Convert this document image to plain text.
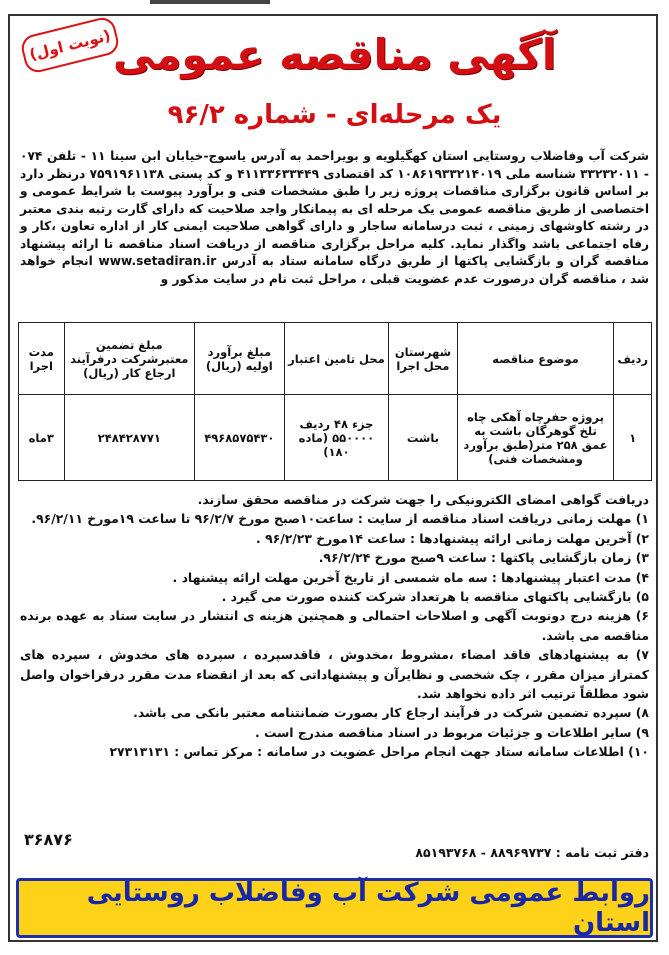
(نوبت اول) آگهی مناقصه عمومی
یک مرحله‌ای - شماره ۹۶/۲
شرکت آب وفاضلاب روستایی استان کهگیلویه و بویراحمد به آدرس یاسوج-خیابان ابن سینا ۱۱ - تلفن ۰۷۴ - ۳۳۲۳۲۰۱۱ شناسه ملی ۱۰۸۶۱۹۳۳۲۱۴۰۱۹ کد اقتصادی ۴۱۱۳۳۶۳۳۴۴۹ و کد پستی ۷۵۹۱۹۶۱۱۳۸ درنظر دارد بر اساس قانون برگزاری مناقصات پروژه زیر را طبق مشخصات فنی و برآورد پیوست با شرایط عمومی و اختصاصی از طریق مناقصه عمومی یک مرحله ای به پیمانکار واجد صلاحیت که دارای گارت رتبه بندی معتبر در رشته کاوشهای زمینی ، ثبت درسامانه ساجار و دارای گواهی صلاحیت ایمنی کار از اداره تعاون ،کار و رفاه اجتماعی باشد واگذار نماید. کلیه مراحل برگزاری مناقصه از دریافت اسناد مناقصه تا ارائه پیشنهاد مناقصه گران و بازگشایی پاکتها از طریق درگاه سامانه ستاد به آدرس www.setadiran.ir انجام خواهد شد ، مناقصه گران درصورت عدم عضویت قبلی ، مراحل ثبت نام در سایت مذکور و
ردیف	موضوع مناقصه	شهرستان محل اجرا	محل تامین اعتبار	مبلغ برآورد اولیه (ریال)	مبلغ تضمین معتبرشرکت درفرآیند ارجاع کار (ریال)	مدت اجرا
۱	پروژه حفرچاه آهکی چاه تلخ گوهرگان باشت به عمق ۲۵۸ متر(طبق برآورد ومشخصات فنی)	باشت	جزء ۴۸ ردیف ۵۵۰۰۰۰ (ماده ۱۸۰)	۴۹۶۸۵۷۵۴۳۰	۲۴۸۴۲۸۷۷۱	۳ماه

دریافت گواهی امضای الکترونیکی را جهت شرکت در مناقصه محقق سازند.

۱) مهلت زمانی دریافت اسناد مناقصه از سایت : ساعت۱۰صبح مورخ ۹۶/۲/۷ تا ساعت ۱۹مورخ ۹۶/۲/۱۱.

۲) آخرین مهلت زمانی ارائه پیشنهادها : ساعت ۱۴مورخ ۹۶/۲/۲۳ .

۳) زمان بازگشایی پاکتها : ساعت ۹صبح مورخ ۹۶/۲/۲۴.

۴) مدت اعتبار پیشنهادها : سه ماه شمسی از تاریخ آخرین مهلت ارائه پیشنهاد .

۵) بازگشایی پاکتهای مناقصه با هرتعداد شرکت کننده صورت می گیرد .

۶) هزینه درج دونوبت آگهی و اصلاحات احتمالی و همچنین هزینه ی انتشار در سایت ستاد به عهده برنده مناقصه می باشد.

۷) به پیشنهادهای فاقد امضاء ،مشروط ،مخدوش ، فاقدسپرده ، سپرده های مخدوش ، سپرده های کمتراز میزان مقرر ، چک شخصی و نظایرآن و پیشنهاداتی که بعد از انقضاء مدت مقرر درفراخوان واصل شود مطلقاً ترتیب اثر داده نخواهد شد.

۸) سپرده تضمین شرکت در فرآیند ارجاع کار بصورت ضمانتنامه معتبر بانکی می باشد.

۹) سایر اطلاعات و جزئیات مربوط در اسناد مناقصه مندرج است .

۱۰) اطلاعات سامانه ستاد جهت انجام مراحل عضویت در سامانه : مرکز تماس : ۲۷۳۱۳۱۳۱

۳۶۸۷۶
دفتر ثبت نامه : ۸۸۹۶۹۷۳۷ - ۸۵۱۹۳۷۶۸
روابط عمومی شرکت آب وفاضلاب روستایی استان
